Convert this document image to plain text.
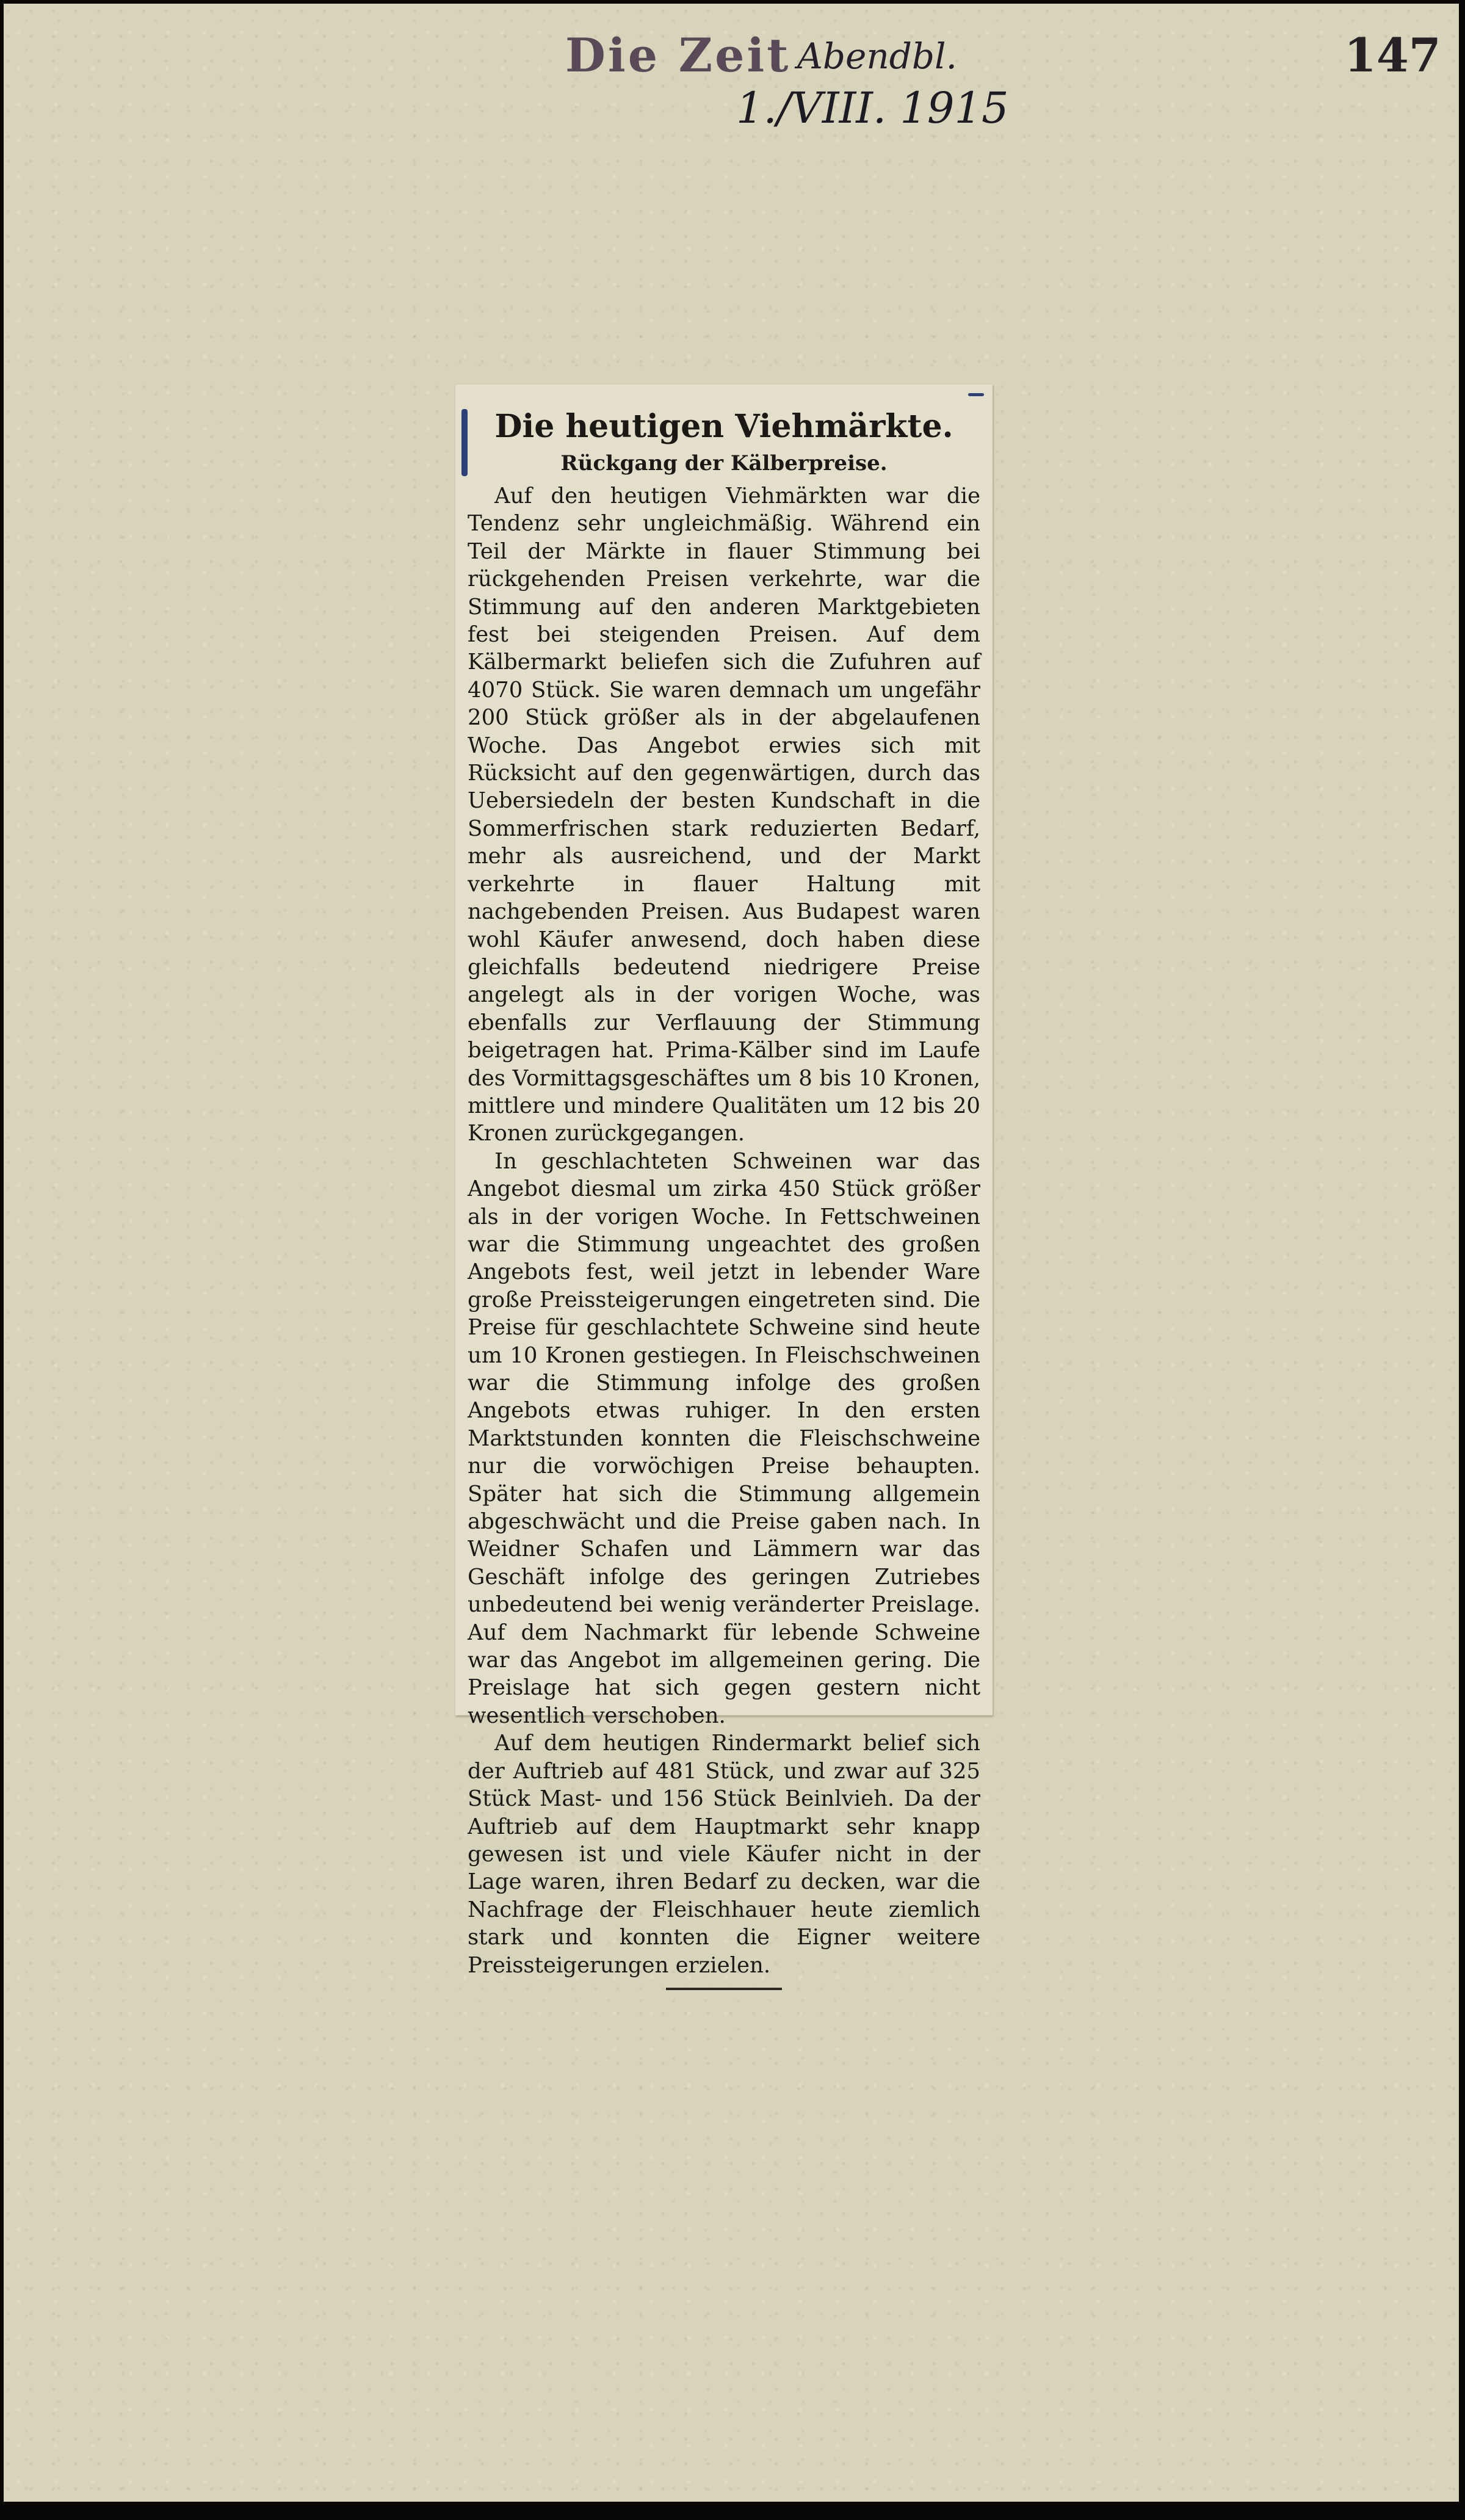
Die Zeit Abendbl.
1./VIII. 1915
147
Die heutigen Viehmärkte.
Rückgang der Kälberpreise.

Auf den heutigen Viehmärkten war die Tendenz sehr ungleichmäßig. Während ein Teil der Märkte in flauer Stimmung bei rückgehenden Preisen verkehrte, war die Stimmung auf den anderen Marktgebieten fest bei steigenden Preisen. Auf dem Kälbermarkt beliefen sich die Zufuhren auf 4070 Stück. Sie waren demnach um ungefähr 200 Stück größer als in der abgelaufenen Woche. Das Angebot erwies sich mit Rücksicht auf den gegenwärtigen, durch das Uebersiedeln der besten Kundschaft in die Sommerfrischen stark reduzierten Bedarf, mehr als ausreichend, und der Markt verkehrte in flauer Haltung mit nachgebenden Preisen. Aus Budapest waren wohl Käufer anwesend, doch haben diese gleichfalls bedeutend niedrigere Preise angelegt als in der vorigen Woche, was ebenfalls zur Verflauung der Stimmung beigetragen hat. Prima-Kälber sind im Laufe des Vormittagsgeschäftes um 8 bis 10 Kronen, mittlere und mindere Qualitäten um 12 bis 20 Kronen zurückgegangen.

In geschlachteten Schweinen war das Angebot diesmal um zirka 450 Stück größer als in der vorigen Woche. In Fettschweinen war die Stimmung ungeachtet des großen Angebots fest, weil jetzt in lebender Ware große Preissteigerungen eingetreten sind. Die Preise für geschlachtete Schweine sind heute um 10 Kronen gestiegen. In Fleischschweinen war die Stimmung infolge des großen Angebots etwas ruhiger. In den ersten Marktstunden konnten die Fleischschweine nur die vorwöchigen Preise behaupten. Später hat sich die Stimmung allgemein abgeschwächt und die Preise gaben nach. In Weidner Schafen und Lämmern war das Geschäft infolge des geringen Zutriebes unbedeutend bei wenig veränderter Preislage. Auf dem Nachmarkt für lebende Schweine war das Angebot im allgemeinen gering. Die Preislage hat sich gegen gestern nicht wesentlich verschoben.

Auf dem heutigen Rindermarkt belief sich der Auftrieb auf 481 Stück, und zwar auf 325 Stück Mast- und 156 Stück Beinlvieh. Da der Auftrieb auf dem Hauptmarkt sehr knapp gewesen ist und viele Käufer nicht in der Lage waren, ihren Bedarf zu decken, war die Nachfrage der Fleischhauer heute ziemlich stark und konnten die Eigner weitere Preissteigerungen erzielen.
